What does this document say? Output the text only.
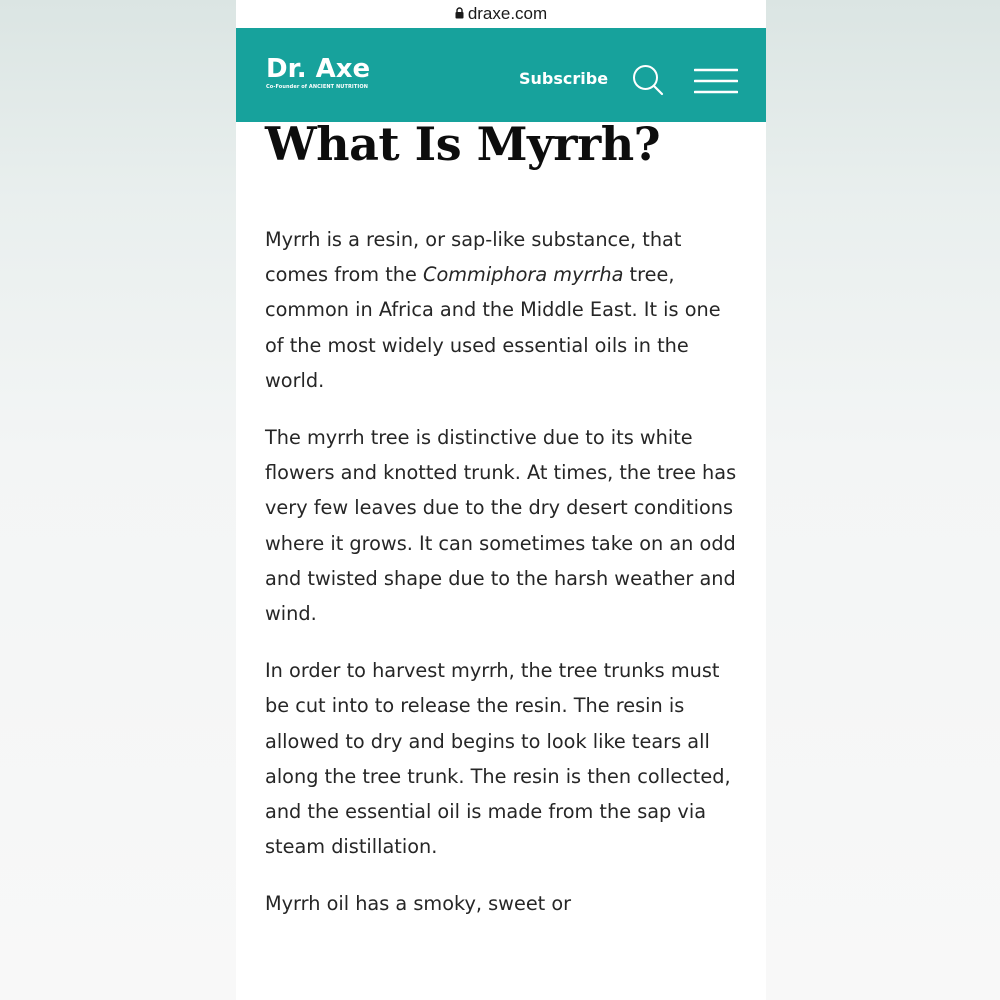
draxe.com
Dr. Axe
Co-Founder of ANCIENT NUTRITION	Subscribe
What Is Myrrh?

Myrrh is a resin, or sap-like substance, that comes from the Commiphora myrrha tree, common in Africa and the Middle East. It is one of the most widely used essential oils in the world.

The myrrh tree is distinctive due to its white flowers and knotted trunk. At times, the tree has very few leaves due to the dry desert conditions where it grows. It can sometimes take on an odd and twisted shape due to the harsh weather and wind.

In order to harvest myrrh, the tree trunks must be cut into to release the resin. The resin is allowed to dry and begins to look like tears all along the tree trunk. The resin is then collected, and the essential oil is made from the sap via steam distillation.

Myrrh oil has a smoky, sweet or
